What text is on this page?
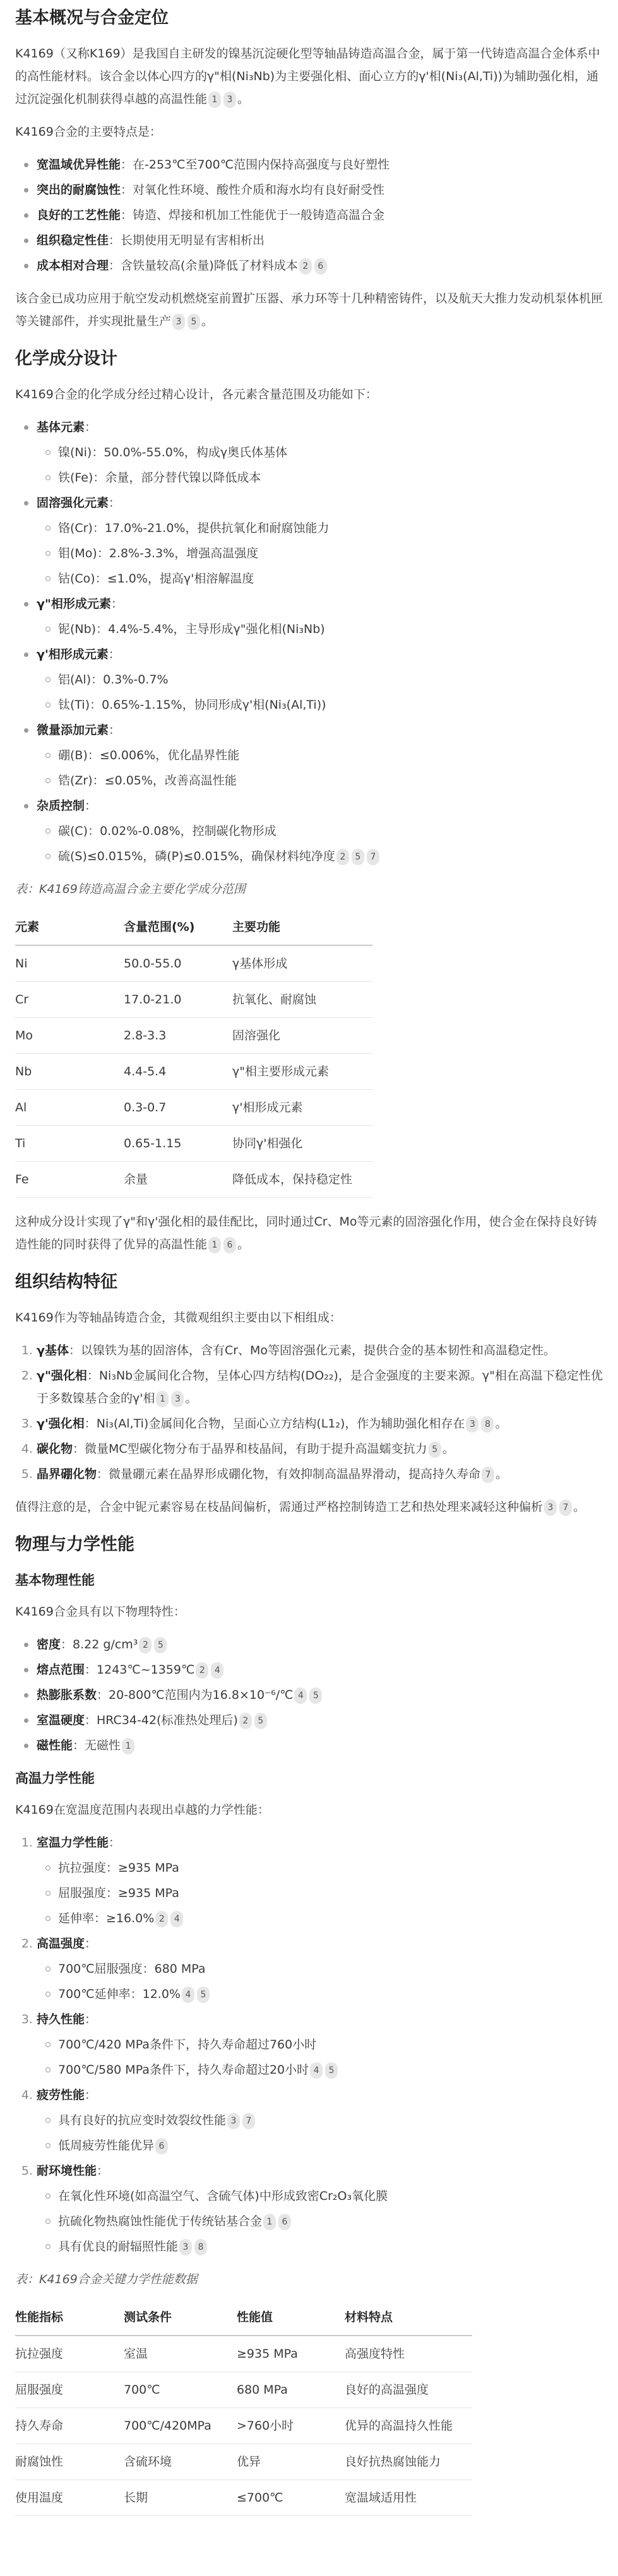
基本概况与合金定位
K4169（又称K169）是我国自主研发的镍基沉淀硬化型等轴晶铸造高温合金，属于第一代铸造高温合金体系中的高性能材料。该合金以体心四方的γ"相(Ni₃Nb)为主要强化相、面心立方的γ'相(Ni₃(Al,Ti))为辅助强化相，通过沉淀强化机制获得卓越的高温性能 1 3 。
K4169合金的主要特点是：
宽温域优异性能：在-253℃至700℃范围内保持高强度与良好塑性
突出的耐腐蚀性：对氧化性环境、酸性介质和海水均有良好耐受性
良好的工艺性能：铸造、焊接和机加工性能优于一般铸造高温合金
组织稳定性佳：长期使用无明显有害相析出
成本相对合理：含铁量较高(余量)降低了材料成本 2 6
该合金已成功应用于航空发动机燃烧室前置扩压器、承力环等十几种精密铸件，以及航天大推力发动机泵体机匣等关键部件，并实现批量生产 3 5 。
化学成分设计
K4169合金的化学成分经过精心设计，各元素含量范围及功能如下：
基体元素：
镍(Ni)：50.0%-55.0%，构成γ奥氏体基体
铁(Fe)：余量，部分替代镍以降低成本
固溶强化元素：
铬(Cr)：17.0%-21.0%，提供抗氧化和耐腐蚀能力
钼(Mo)：2.8%-3.3%，增强高温强度
钴(Co)：≤1.0%，提高γ'相溶解温度
γ"相形成元素：
铌(Nb)：4.4%-5.4%，主导形成γ"强化相(Ni₃Nb)
γ'相形成元素：
铝(Al)：0.3%-0.7%
钛(Ti)：0.65%-1.15%，协同形成γ'相(Ni₃(Al,Ti))
微量添加元素：
硼(B)：≤0.006%，优化晶界性能
锆(Zr)：≤0.05%，改善高温性能
杂质控制：
碳(C)：0.02%-0.08%，控制碳化物形成
硫(S)≤0.015%，磷(P)≤0.015%，确保材料纯净度 2 5 7
表：K4169铸造高温合金主要化学成分范围
元素	含量范围(%)	主要功能
Ni	50.0-55.0	γ基体形成
Cr	17.0-21.0	抗氧化、耐腐蚀
Mo	2.8-3.3	固溶强化
Nb	4.4-5.4	γ"相主要形成元素
Al	0.3-0.7	γ'相形成元素
Ti	0.65-1.15	协同γ'相强化
Fe	余量	降低成本，保持稳定性
这种成分设计实现了γ"和γ'强化相的最佳配比，同时通过Cr、Mo等元素的固溶强化作用，使合金在保持良好铸造性能的同时获得了优异的高温性能 1 6 。
组织结构特征
K4169作为等轴晶铸造合金，其微观组织主要由以下相组成：
1. γ基体：以镍铁为基的固溶体，含有Cr、Mo等固溶强化元素，提供合金的基本韧性和高温稳定性。
2. γ"强化相：Ni₃Nb金属间化合物，呈体心四方结构(DO₂₂)，是合金强度的主要来源。γ"相在高温下稳定性优于多数镍基合金的γ'相 1 3 。
3. γ'强化相：Ni₃(Al,Ti)金属间化合物，呈面心立方结构(L1₂)，作为辅助强化相存在 3 8 。
4. 碳化物：微量MC型碳化物分布于晶界和枝晶间，有助于提升高温蠕变抗力 5 。
5. 晶界硼化物：微量硼元素在晶界形成硼化物，有效抑制高温晶界滑动，提高持久寿命 7 。
值得注意的是，合金中铌元素容易在枝晶间偏析，需通过严格控制铸造工艺和热处理来减轻这种偏析 3 7 。
物理与力学性能
基本物理性能
K4169合金具有以下物理特性：
密度：8.22 g/cm³ 2 5
熔点范围：1243℃~1359℃ 2 4
热膨胀系数：20-800℃范围内为16.8×10⁻⁶/℃ 4 5
室温硬度：HRC34-42(标准热处理后) 2 5
磁性能：无磁性 1
高温力学性能
K4169在宽温度范围内表现出卓越的力学性能：
1. 室温力学性能：
抗拉强度：≥935 MPa
屈服强度：≥935 MPa
延伸率：≥16.0% 2 4
2. 高温强度：
700℃屈服强度：680 MPa
700℃延伸率：12.0% 4 5
3. 持久性能：
700℃/420 MPa条件下，持久寿命超过760小时
700℃/580 MPa条件下，持久寿命超过20小时 4 5
4. 疲劳性能：
具有良好的抗应变时效裂纹性能 3 7
低周疲劳性能优异 6
5. 耐环境性能：
在氧化性环境(如高温空气、含硫气体)中形成致密Cr₂O₃氧化膜
抗硫化物热腐蚀性能优于传统钴基合金 1 6
具有优良的耐辐照性能 3 8
表：K4169合金关键力学性能数据
性能指标	测试条件	性能值	材料特点
抗拉强度	室温	≥935 MPa	高强度特性
屈服强度	700℃	680 MPa	良好的高温强度
持久寿命	700℃/420MPa	>760小时	优异的高温持久性能
耐腐蚀性	含硫环境	优异	良好抗热腐蚀能力
使用温度	长期	≤700℃	宽温域适用性
